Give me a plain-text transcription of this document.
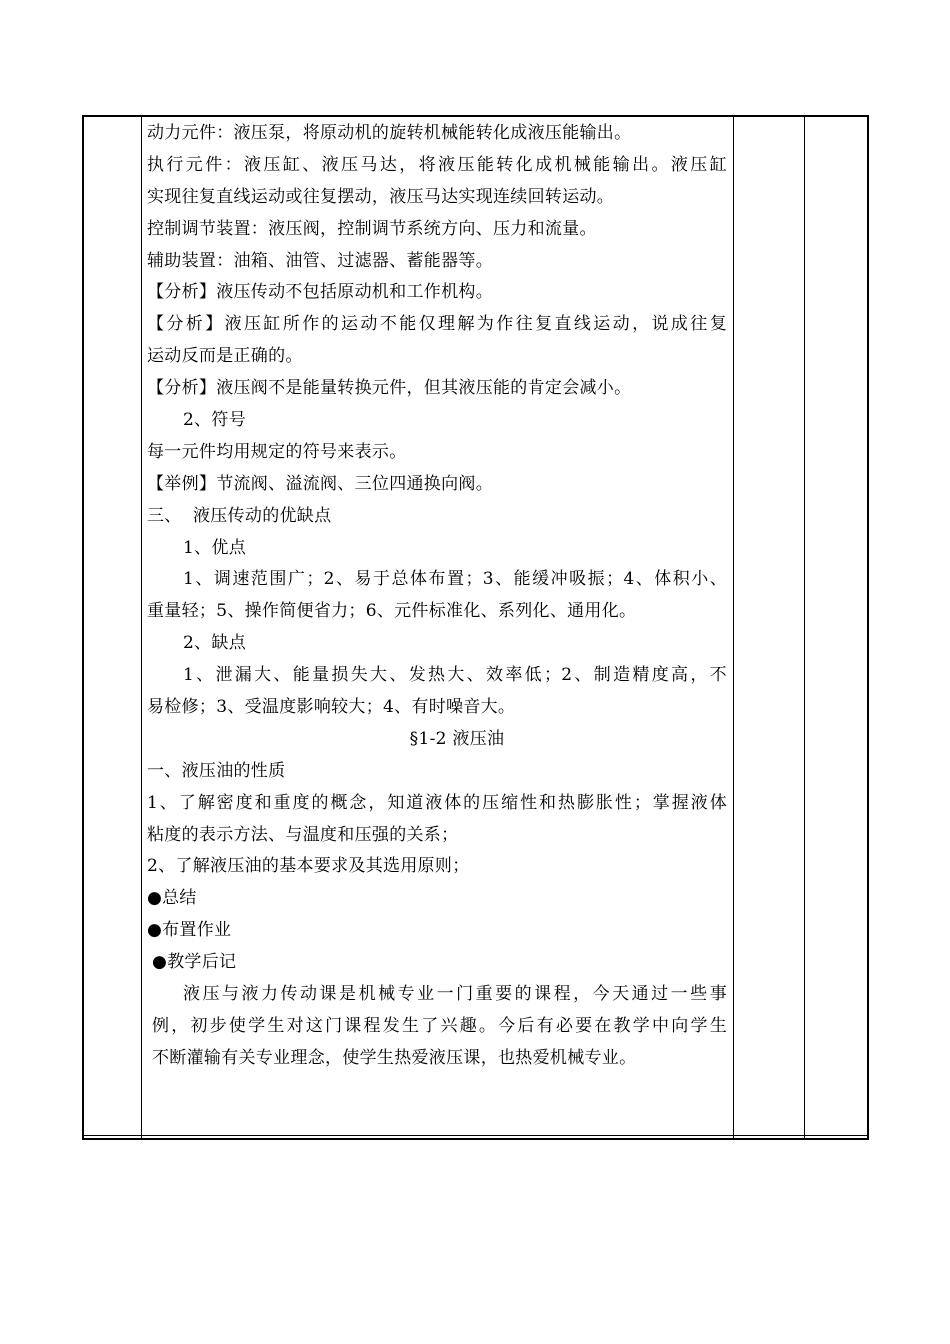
动力元件：液压泵，将原动机的旋转机械能转化成液压能输出。
执行元件：液压缸、液压马达，将液压能转化成机械能输出。液压缸
实现往复直线运动或往复摆动，液压马达实现连续回转运动。
控制调节装置：液压阀，控制调节系统方向、压力和流量。
辅助装置：油箱、油管、过滤器、蓄能器等。
【分析】液压传动不包括原动机和工作机构。
【分析】液压缸所作的运动不能仅理解为作往复直线运动，说成往复
运动反而是正确的。
【分析】液压阀不是能量转换元件，但其液压能的肯定会减小。
2、符号
每一元件均用规定的符号来表示。
【举例】节流阀、溢流阀、三位四通换向阀。
三、  液压传动的优缺点
1、优点
1、调速范围广；2、易于总体布置；3、能缓冲吸振；4、体积小、
重量轻；5、操作简便省力；6、元件标准化、系列化、通用化。
2、缺点
1、泄漏大、能量损失大、发热大、效率低；2、制造精度高，不
易检修；3、受温度影响较大；4、有时噪音大。
§1-2 液压油
一、液压油的性质
1、了解密度和重度的概念，知道液体的压缩性和热膨胀性；掌握液体
粘度的表示方法、与温度和压强的关系；
2、了解液压油的基本要求及其选用原则；
●总结
●布置作业
●教学后记
液压与液力传动课是机械专业一门重要的课程，今天通过一些事
例，初步使学生对这门课程发生了兴趣。今后有必要在教学中向学生
不断灌输有关专业理念，使学生热爱液压课，也热爱机械专业。
